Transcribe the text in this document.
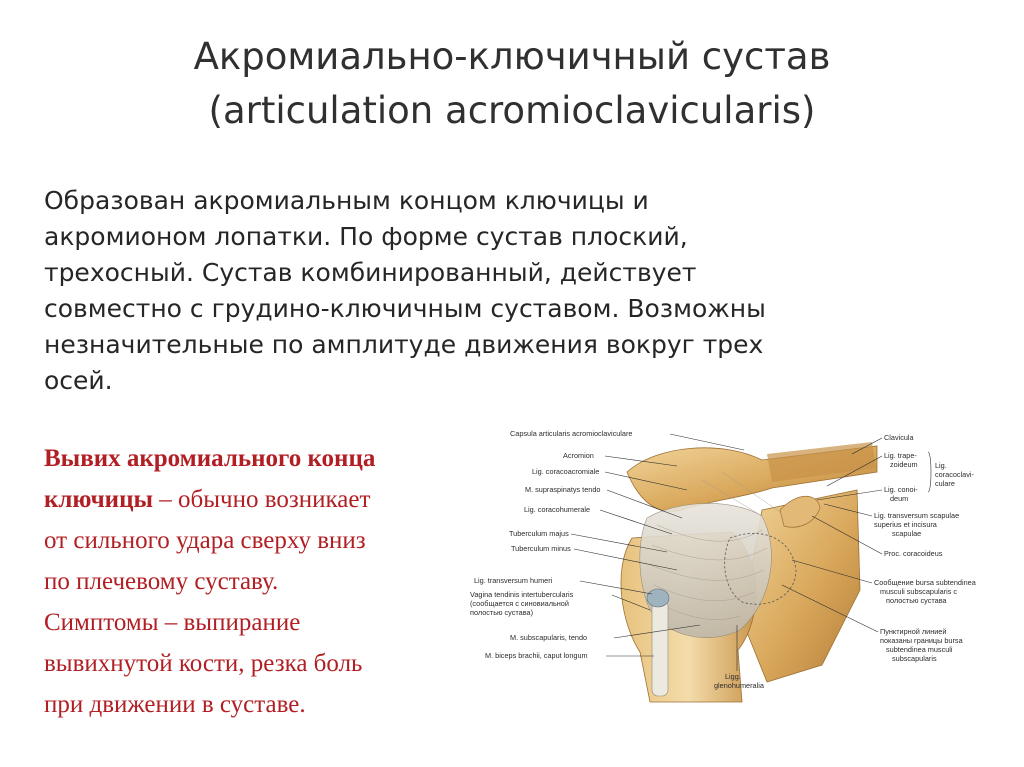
Акромиально-ключичный сустав
(articulation acromioclavicularis)
Образован акромиальным концом ключицы и
акромионом лопатки. По форме сустав плоский,
трехосный. Сустав комбинированный, действует
совместно с грудино-ключичным суставом. Возможны
незначительные по амплитуде движения вокруг трех
осей.
Вывих акромиального конца
ключицы – обычно возникает
от сильного удара сверху вниз
по плечевому суставу.
Симптомы – выпирание
вывихнутой кости, резка боль
при движении в суставе.
Capsula articularis acromioclaviculare
Acromion
Lig. coracoacromiale
M. supraspinatys tendo
Lig. coracohumerale
Tuberculum majus
Tuberculum minus
Lig. transversum humeri
Vagina tendinis intertubercularis
(сообщается с синовиальной
полостью сустава)
M. subscapularis, tendo
M. biceps brachii, caput longum
Ligg.
glenohumeralia
Clavicula
Lig. trape-
zoideum
Lig. conoi-
deum
Lig.
coracoclavi-
culare
Lig. transversum scapulae
superius et incisura
scapulae
Proc. coracoideus
Сообщение bursa subtendinea
musculi subscapularis с
полостью сустава
Пунктирной линией
показаны границы bursa
subtendinea musculi
subscapularis
